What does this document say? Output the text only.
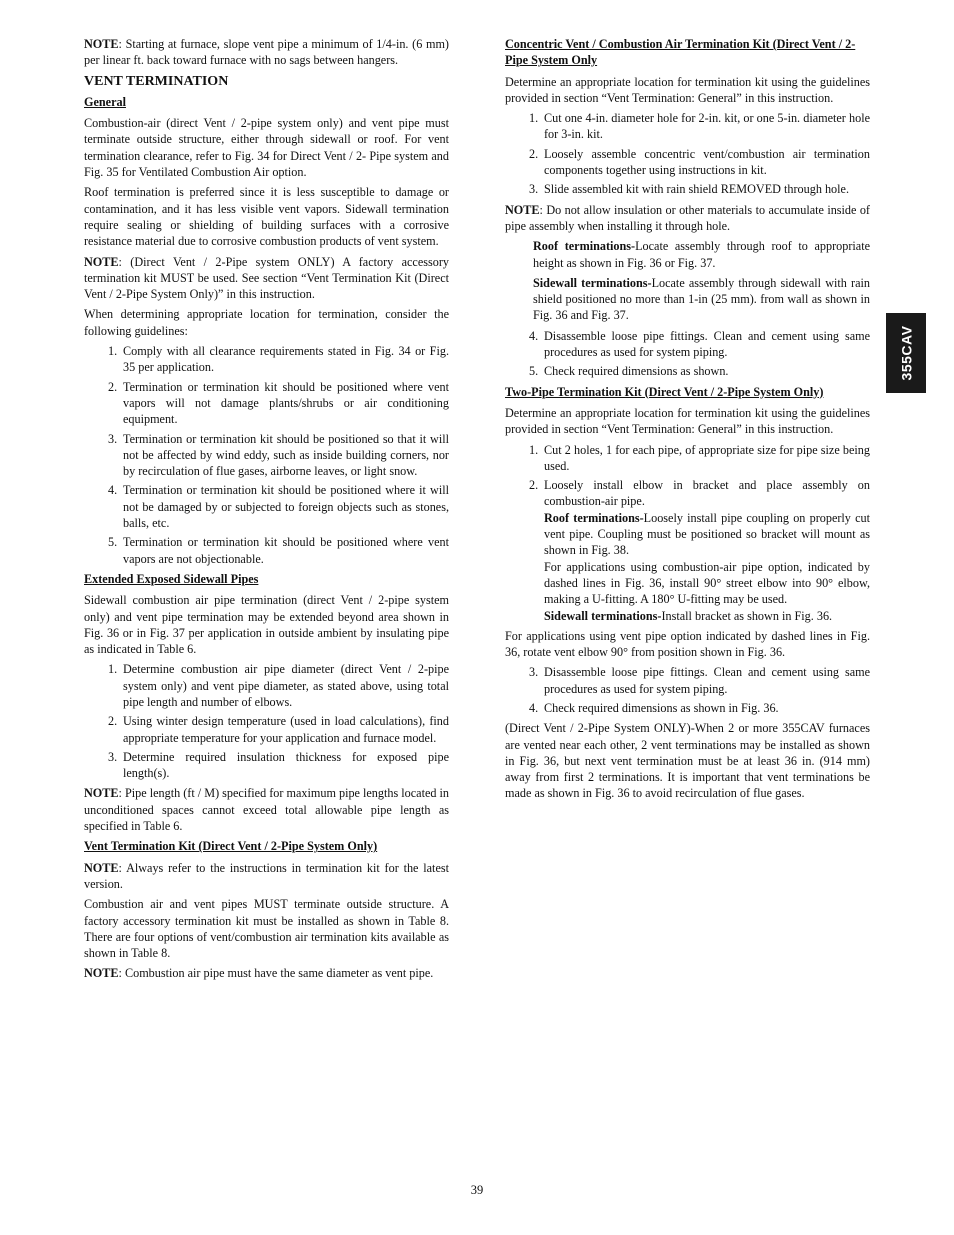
NOTE: Starting at furnace, slope vent pipe a minimum of 1/4-in. (6 mm) per linear ft. back toward furnace with no sags between hangers.

VENT TERMINATION
General

Combustion-air (direct Vent / 2-pipe system only) and vent pipe must terminate outside structure, either through sidewall or roof. For vent termination clearance, refer to Fig. 34 for Direct Vent / 2- Pipe system and Fig. 35 for Ventilated Combustion Air option.

Roof termination is preferred since it is less susceptible to damage or contamination, and it has less visible vent vapors. Sidewall termination require sealing or shielding of building surfaces with a corrosive resistance material due to corrosive combustion products of vent system.

NOTE: (Direct Vent / 2-Pipe system ONLY) A factory accessory termination kit MUST be used. See section “Vent Termination Kit (Direct Vent / 2-Pipe System Only)” in this instruction.

When determining appropriate location for termination, consider the following guidelines:

1. Comply with all clearance requirements stated in Fig. 34 or Fig. 35 per application.
2. Termination or termination kit should be positioned where vent vapors will not damage plants/shrubs or air conditioning equipment.
3. Termination or termination kit should be positioned so that it will not be affected by wind eddy, such as inside building corners, nor by recirculation of flue gases, airborne leaves, or light snow.
4. Termination or termination kit should be positioned where it will not be damaged by or subjected to foreign objects such as stones, balls, etc.
5. Termination or termination kit should be positioned where vent vapors are not objectionable.
Extended Exposed Sidewall Pipes

Sidewall combustion air pipe termination (direct Vent / 2-pipe system only) and vent pipe termination may be extended beyond area shown in Fig. 36 or in Fig. 37 per application in outside ambient by insulating pipe as indicated in Table 6.

1. Determine combustion air pipe diameter (direct Vent / 2-pipe system only) and vent pipe diameter, as stated above, using total pipe length and number of elbows.
2. Using winter design temperature (used in load calculations), find appropriate temperature for your application and furnace model.
3. Determine required insulation thickness for exposed pipe length(s).

NOTE: Pipe length (ft / M) specified for maximum pipe lengths located in unconditioned spaces cannot exceed total allowable pipe length as specified in Table 6.

Vent Termination Kit (Direct Vent / 2-Pipe System Only)

NOTE: Always refer to the instructions in termination kit for the latest version.

Combustion air and vent pipes MUST terminate outside structure. A factory accessory termination kit must be installed as shown in Table 8. There are four options of vent/combustion air termination kits available as shown in Table 8.

NOTE: Combustion air pipe must have the same diameter as vent pipe.

Concentric Vent / Combustion Air Termination Kit (Direct Vent / 2-Pipe System Only

Determine an appropriate location for termination kit using the guidelines provided in section “Vent Termination: General” in this instruction.

1. Cut one 4-in. diameter hole for 2-in. kit, or one 5-in. diameter hole for 3-in. kit.
2. Loosely assemble concentric vent/combustion air termination components together using instructions in kit.
3. Slide assembled kit with rain shield REMOVED through hole.

NOTE: Do not allow insulation or other materials to accumulate inside of pipe assembly when installing it through hole.

Roof terminations-Locate assembly through roof to appropriate height as shown in Fig. 36 or Fig. 37.

Sidewall terminations-Locate assembly through sidewall with rain shield positioned no more than 1-in (25 mm). from wall as shown in Fig. 36 and Fig. 37.

4. Disassemble loose pipe fittings. Clean and cement using same procedures as used for system piping.
5. Check required dimensions as shown.
Two-Pipe Termination Kit (Direct Vent / 2-Pipe System Only)

Determine an appropriate location for termination kit using the guidelines provided in section “Vent Termination: General” in this instruction.

1. Cut 2 holes, 1 for each pipe, of appropriate size for pipe size being used.
2. Loosely install elbow in bracket and place assembly on combustion-air pipe.
Roof terminations-Loosely install pipe coupling on properly cut vent pipe. Coupling must be positioned so bracket will mount as shown in Fig. 38.
For applications using combustion-air pipe option, indicated by dashed lines in Fig. 36, install 90° street elbow into 90° elbow, making a U-fitting. A 180° U-fitting may be used.
Sidewall terminations-Install bracket as shown in Fig. 36.

For applications using vent pipe option indicated by dashed lines in Fig. 36, rotate vent elbow 90° from position shown in Fig. 36.

3. Disassemble loose pipe fittings. Clean and cement using same procedures as used for system piping.
4. Check required dimensions as shown in Fig. 36.

(Direct Vent / 2-Pipe System ONLY)-When 2 or more 355CAV furnaces are vented near each other, 2 vent terminations may be installed as shown in Fig. 36, but next vent termination must be at least 36 in. (914 mm) away from first 2 terminations. It is important that vent terminations be made as shown in Fig. 36 to avoid recirculation of flue gases.

355CAV
39
